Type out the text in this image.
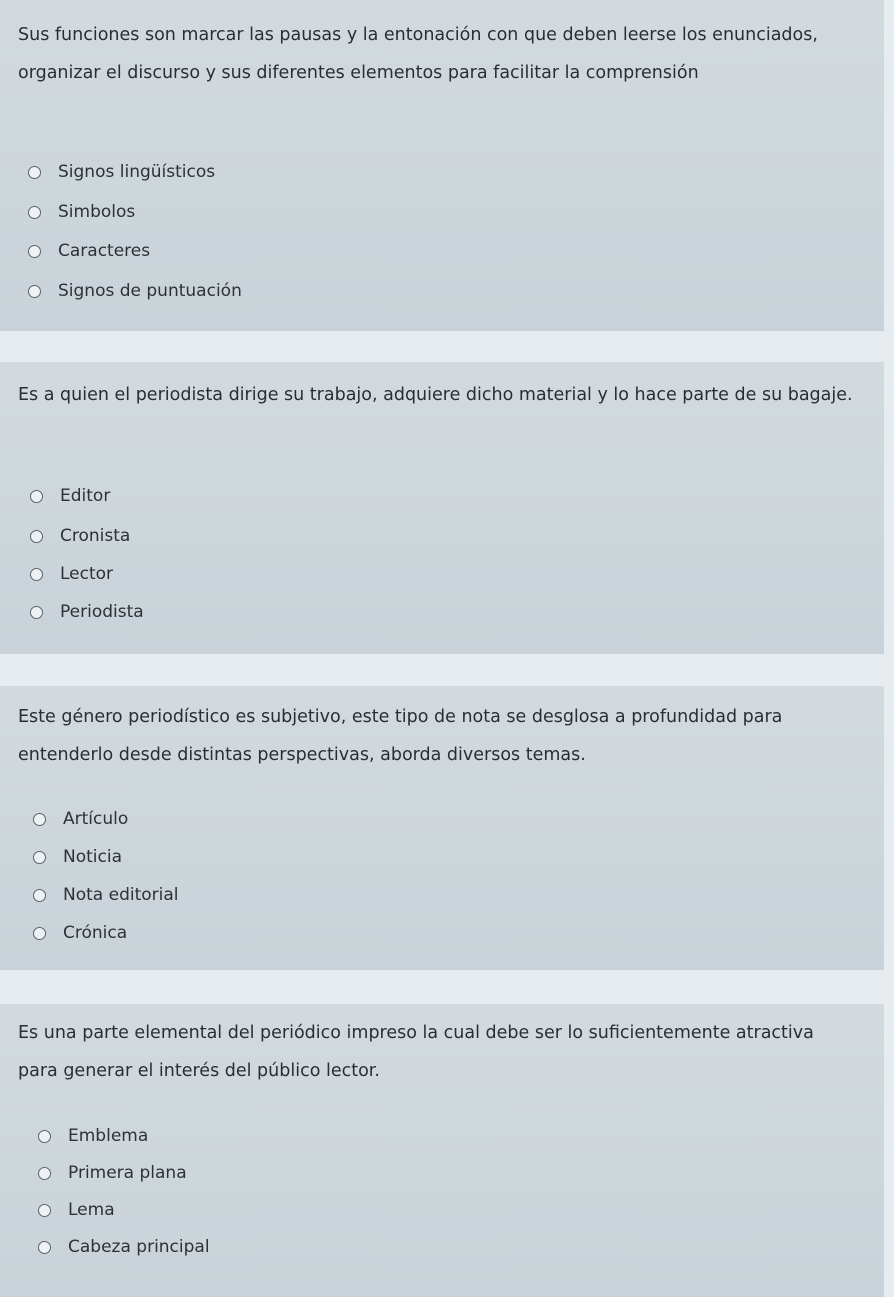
Sus funciones son marcar las pausas y la entonación con que deben leerse los enunciados, organizar el discurso y sus diferentes elementos para facilitar la comprensión
Signos lingüísticos
Simbolos
Caracteres
Signos de puntuación
Es a quien el periodista dirige su trabajo, adquiere dicho material y lo hace parte de su bagaje.
Editor
Cronista
Lector
Periodista
Este género periodístico es subjetivo, este tipo de nota se desglosa a profundidad para entenderlo desde distintas perspectivas, aborda diversos temas.
Artículo
Noticia
Nota editorial
Crónica
Es una parte elemental del periódico impreso la cual debe ser lo suficientemente atractiva para generar el interés del público lector.
Emblema
Primera plana
Lema
Cabeza principal
